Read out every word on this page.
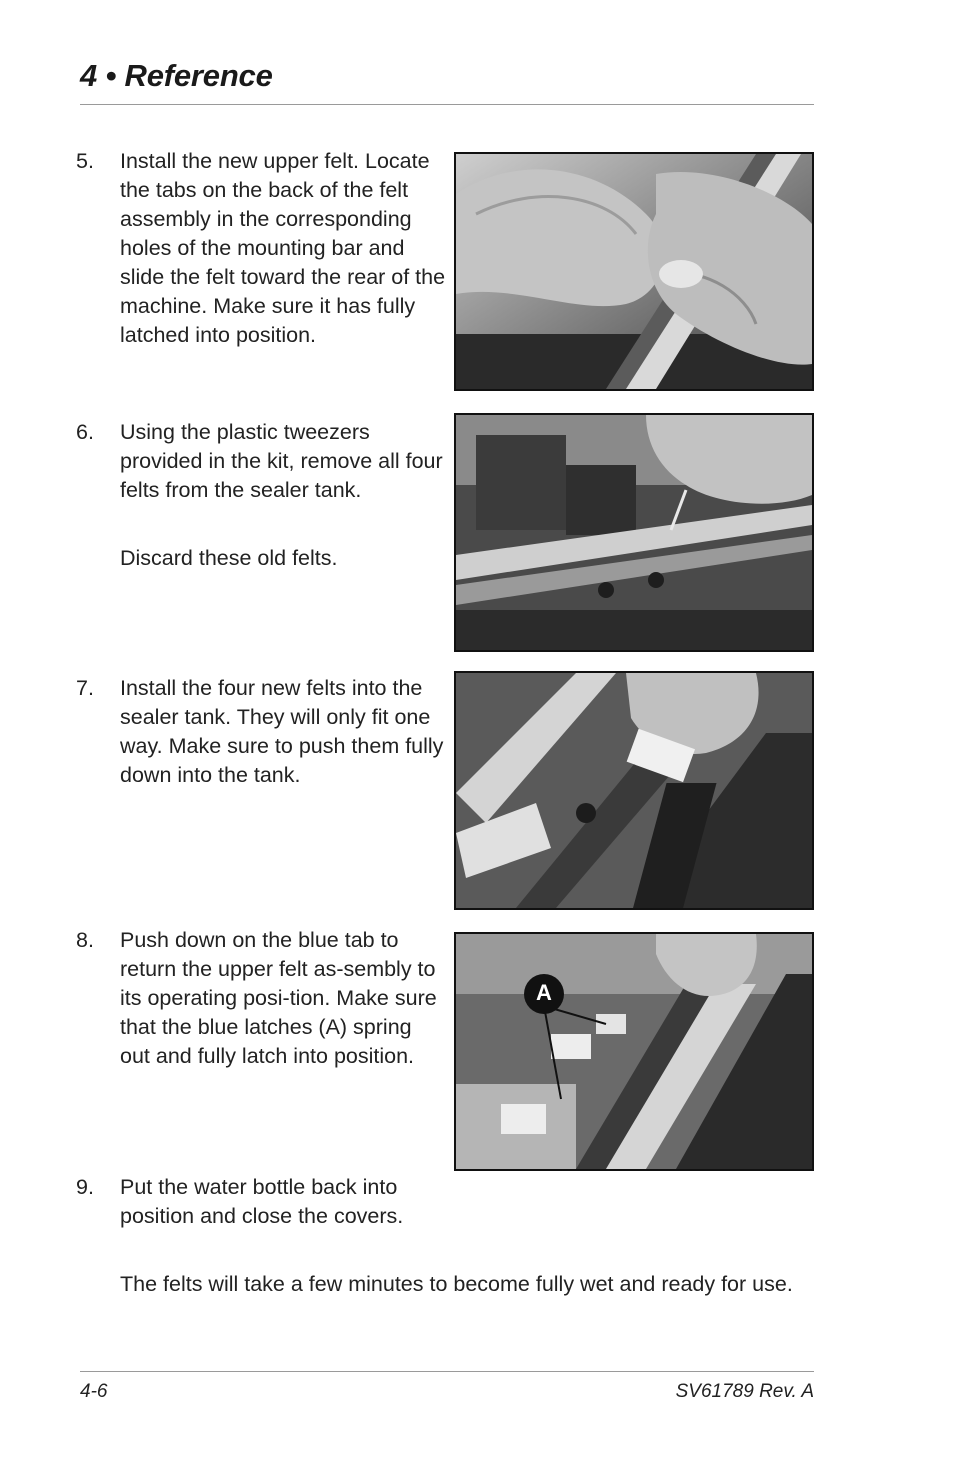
4 • Reference
5. Install the new upper felt. Locate the tabs on the back of the felt assembly in the corresponding holes of the mounting bar and slide the felt toward the rear of the machine. Make sure it has fully latched into position.
6. Using the plastic tweezers provided in the kit, remove all four felts from the sealer tank.
Discard these old felts.
7. Install the four new felts into the sealer tank. They will only fit one way. Make sure to push them fully down into the tank.
8. Push down on the blue tab to return the upper felt as-sembly to its operating posi-tion. Make sure that the blue latches (A) spring out and fully latch into position.
9. Put the water bottle back into position and close the covers.
The felts will take a few minutes to become fully wet and ready for use.
A
4-6	SV61789 Rev. A
